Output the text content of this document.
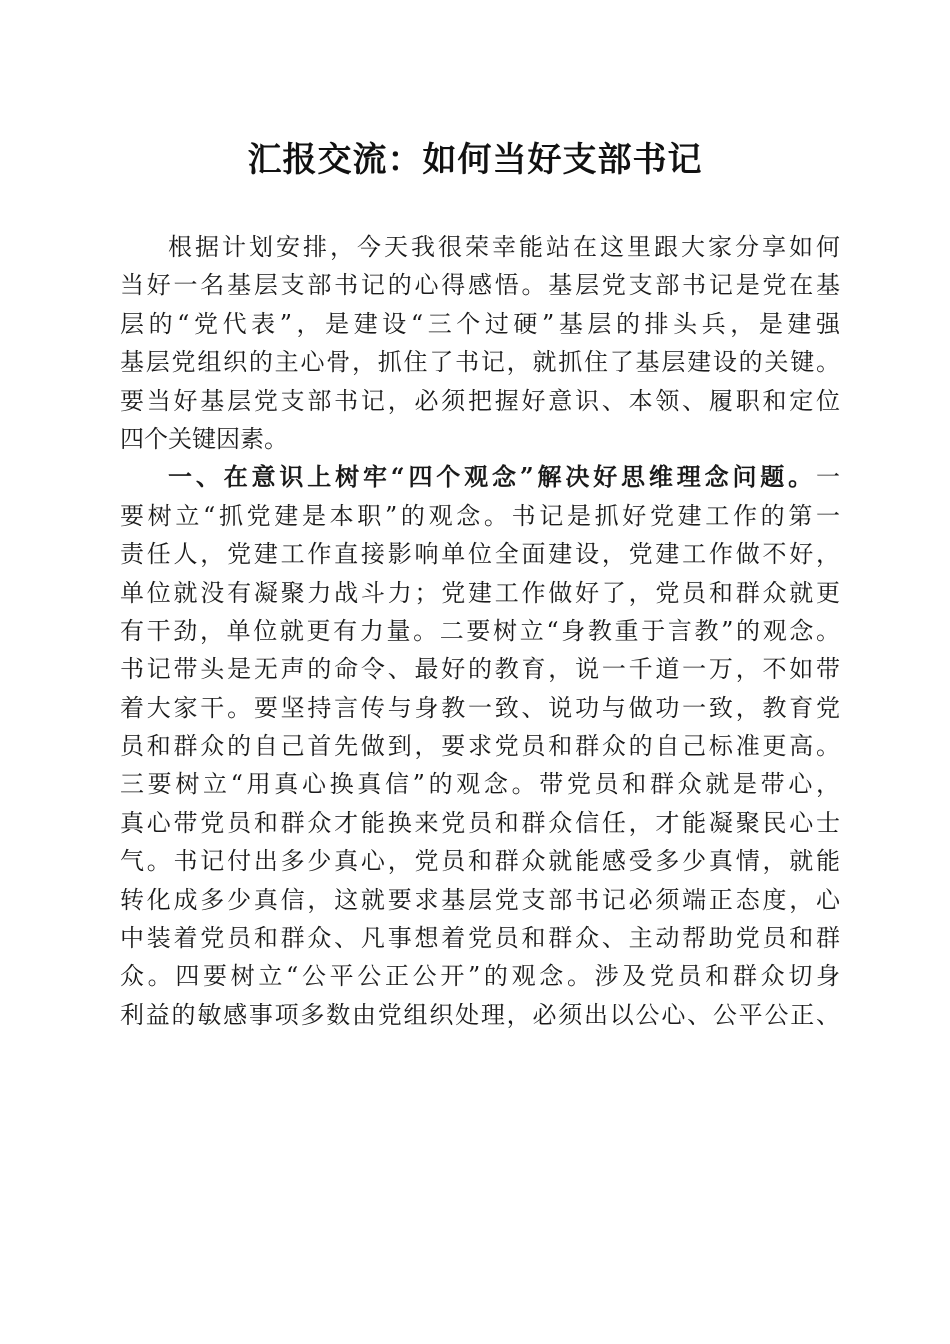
汇报交流：如何当好支部书记
根据计划安排，今天我很荣幸能站在这里跟大家分享如何
当好一名基层支部书记的心得感悟。基层党支部书记是党在基
层的“党代表”，是建设“三个过硬”基层的排头兵，是建强
基层党组织的主心骨，抓住了书记，就抓住了基层建设的关键。
要当好基层党支部书记，必须把握好意识、本领、履职和定位
四个关键因素。
一、在意识上树牢“四个观念”解决好思维理念问题。一
要树立“抓党建是本职”的观念。书记是抓好党建工作的第一
责任人，党建工作直接影响单位全面建设，党建工作做不好，
单位就没有凝聚力战斗力；党建工作做好了，党员和群众就更
有干劲，单位就更有力量。二要树立“身教重于言教”的观念。
书记带头是无声的命令、最好的教育，说一千道一万，不如带
着大家干。要坚持言传与身教一致、说功与做功一致，教育党
员和群众的自己首先做到，要求党员和群众的自己标准更高。
三要树立“用真心换真信”的观念。带党员和群众就是带心，
真心带党员和群众才能换来党员和群众信任，才能凝聚民心士
气。书记付出多少真心，党员和群众就能感受多少真情，就能
转化成多少真信，这就要求基层党支部书记必须端正态度，心
中装着党员和群众、凡事想着党员和群众、主动帮助党员和群
众。四要树立“公平公正公开”的观念。涉及党员和群众切身
利益的敏感事项多数由党组织处理，必须出以公心、公平公正、
